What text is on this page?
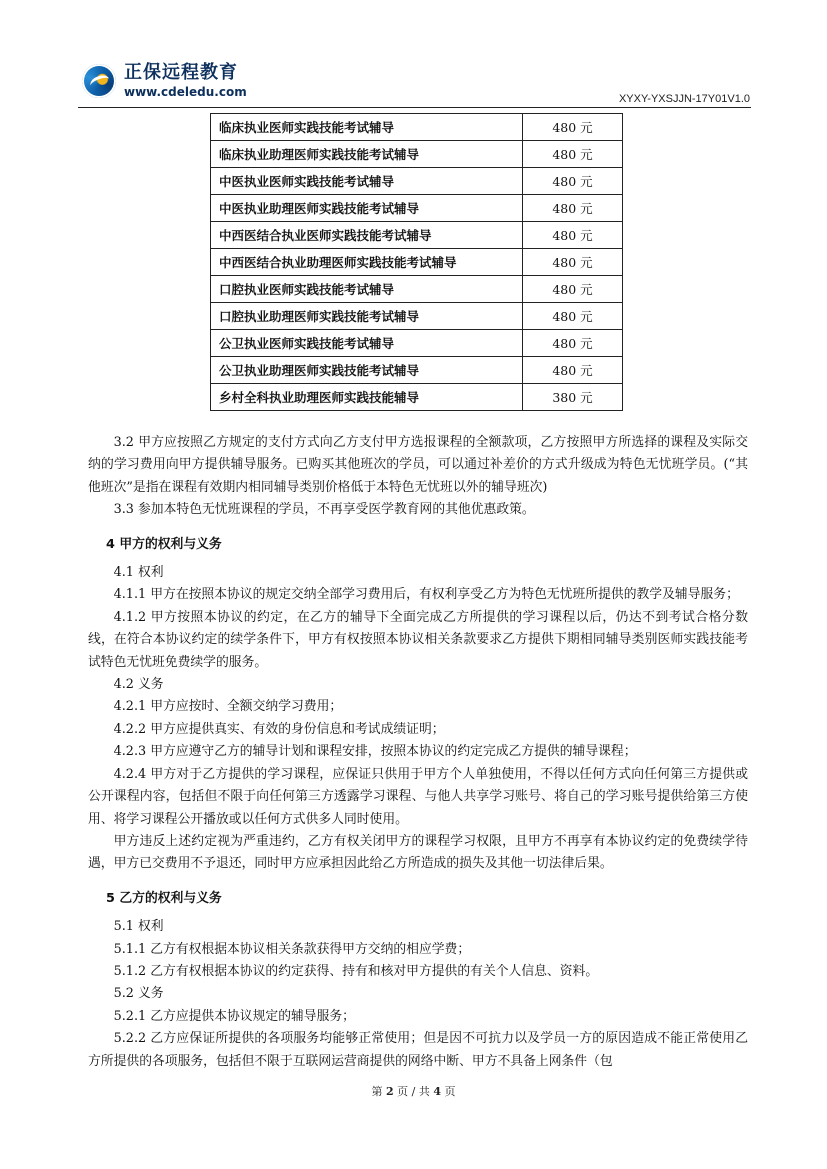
正保远程教育
www.cdeledu.com	XYXY-YXSJJN-17Y01V1.0
临床执业医师实践技能考试辅导	480 元
临床执业助理医师实践技能考试辅导	480 元
中医执业医师实践技能考试辅导	480 元
中医执业助理医师实践技能考试辅导	480 元
中西医结合执业医师实践技能考试辅导	480 元
中西医结合执业助理医师实践技能考试辅导	480 元
口腔执业医师实践技能考试辅导	480 元
口腔执业助理医师实践技能考试辅导	480 元
公卫执业医师实践技能考试辅导	480 元
公卫执业助理医师实践技能考试辅导	480 元
乡村全科执业助理医师实践技能辅导	380 元

3.2 甲方应按照乙方规定的支付方式向乙方支付甲方选报课程的全额款项，乙方按照甲方所选择的课程及实际交纳的学习费用向甲方提供辅导服务。已购买其他班次的学员，可以通过补差价的方式升级成为特色无忧班学员。(“其他班次”是指在课程有效期内相同辅导类别价格低于本特色无忧班以外的辅导班次)

3.3 参加本特色无忧班课程的学员，不再享受医学教育网的其他优惠政策。

4 甲方的权利与义务

4.1 权利

4.1.1 甲方在按照本协议的规定交纳全部学习费用后，有权利享受乙方为特色无忧班所提供的教学及辅导服务；

4.1.2 甲方按照本协议的约定，在乙方的辅导下全面完成乙方所提供的学习课程以后，仍达不到考试合格分数线，在符合本协议约定的续学条件下，甲方有权按照本协议相关条款要求乙方提供下期相同辅导类别医师实践技能考试特色无忧班免费续学的服务。

4.2 义务

4.2.1 甲方应按时、全额交纳学习费用；

4.2.2 甲方应提供真实、有效的身份信息和考试成绩证明；

4.2.3 甲方应遵守乙方的辅导计划和课程安排，按照本协议的约定完成乙方提供的辅导课程；

4.2.4 甲方对于乙方提供的学习课程，应保证只供用于甲方个人单独使用，不得以任何方式向任何第三方提供或公开课程内容，包括但不限于向任何第三方透露学习课程、与他人共享学习账号、将自己的学习账号提供给第三方使用、将学习课程公开播放或以任何方式供多人同时使用。

甲方违反上述约定视为严重违约，乙方有权关闭甲方的课程学习权限，且甲方不再享有本协议约定的免费续学待遇，甲方已交费用不予退还，同时甲方应承担因此给乙方所造成的损失及其他一切法律后果。

5 乙方的权利与义务

5.1 权利

5.1.1 乙方有权根据本协议相关条款获得甲方交纳的相应学费；

5.1.2 乙方有权根据本协议的约定获得、持有和核对甲方提供的有关个人信息、资料。

5.2 义务

5.2.1 乙方应提供本协议规定的辅导服务；

5.2.2 乙方应保证所提供的各项服务均能够正常使用；但是因不可抗力以及学员一方的原因造成不能正常使用乙方所提供的各项服务，包括但不限于互联网运营商提供的网络中断、甲方不具备上网条件（包

第 2 页 / 共 4 页
